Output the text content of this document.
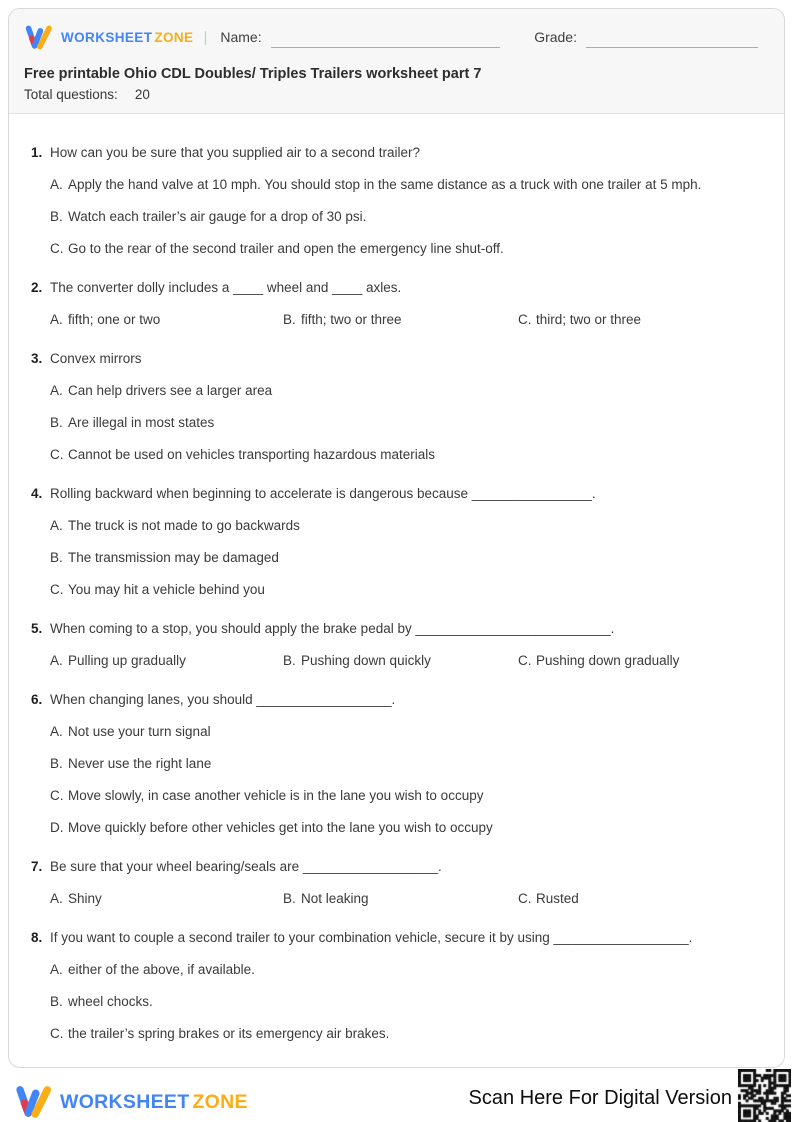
WORKSHEET ZONE | Name:	Grade:
Free printable Ohio CDL Doubles/ Triples Trailers worksheet part 7
Total questions: 20
1. How can you be sure that you supplied air to a second trailer?
A. Apply the hand valve at 10 mph. You should stop in the same distance as a truck with one trailer at 5 mph.
B. Watch each trailer’s air gauge for a drop of 30 psi.
C. Go to the rear of the second trailer and open the emergency line shut-off.
2. The converter dolly includes a ____ wheel and ____ axles.
A. fifth; one or two	B. fifth; two or three	C. third; two or three
3. Convex mirrors
A. Can help drivers see a larger area
B. Are illegal in most states
C. Cannot be used on vehicles transporting hazardous materials
4. Rolling backward when beginning to accelerate is dangerous because ________________.
A. The truck is not made to go backwards
B. The transmission may be damaged
C. You may hit a vehicle behind you
5. When coming to a stop, you should apply the brake pedal by __________________________.
A. Pulling up gradually	B. Pushing down quickly	C. Pushing down gradually
6. When changing lanes, you should __________________.
A. Not use your turn signal
B. Never use the right lane
C. Move slowly, in case another vehicle is in the lane you wish to occupy
D. Move quickly before other vehicles get into the lane you wish to occupy
7. Be sure that your wheel bearing/seals are __________________.
A. Shiny	B. Not leaking	C. Rusted
8. If you want to couple a second trailer to your combination vehicle, secure it by using __________________.
A. either of the above, if available.
B. wheel chocks.
C. the trailer’s spring brakes or its emergency air brakes.
WORKSHEET ZONE	Scan Here For Digital Version
